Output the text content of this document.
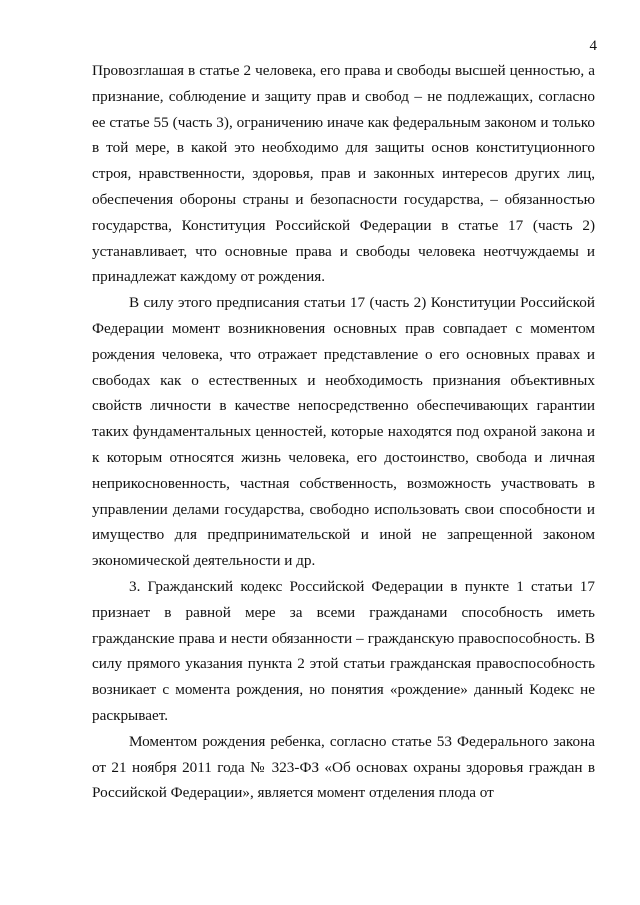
4

Провозглашая в статье 2 человека, его права и свободы высшей ценностью, а признание, соблюдение и защиту прав и свобод – не подлежащих, согласно ее статье 55 (часть 3), ограничению иначе как федеральным законом и только в той мере, в какой это необходимо для защиты основ конституционного строя, нравственности, здоровья, прав и законных интересов других лиц, обеспечения обороны страны и безопасности государства, – обязанностью государства, Конституция Российской Федерации в статье 17 (часть 2) устанавливает, что основные права и свободы человека неотчуждаемы и принадлежат каждому от рождения.

В силу этого предписания статьи 17 (часть 2) Конституции Российской Федерации момент возникновения основных прав совпадает с моментом рождения человека, что отражает представление о его основных правах и свободах как о естественных и необходимость признания объективных свойств личности в качестве непосредственно обеспечивающих гарантии таких фундаментальных ценностей, которые находятся под охраной закона и к которым относятся жизнь человека, его достоинство, свобода и личная неприкосновенность, частная собственность, возможность участвовать в управлении делами государства, свободно использовать свои способности и имущество для предпринимательской и иной не запрещенной законом экономической деятельности и др.

3. Гражданский кодекс Российской Федерации в пункте 1 статьи 17 признает в равной мере за всеми гражданами способность иметь гражданские права и нести обязанности – гражданскую правоспособность. В силу прямого указания пункта 2 этой статьи гражданская правоспособность возникает с момента рождения, но понятия «рождение» данный Кодекс не раскрывает.

Моментом рождения ребенка, согласно статье 53 Федерального закона от 21 ноября 2011 года № 323-ФЗ «Об основах охраны здоровья граждан в Российской Федерации», является момент отделения плода от
